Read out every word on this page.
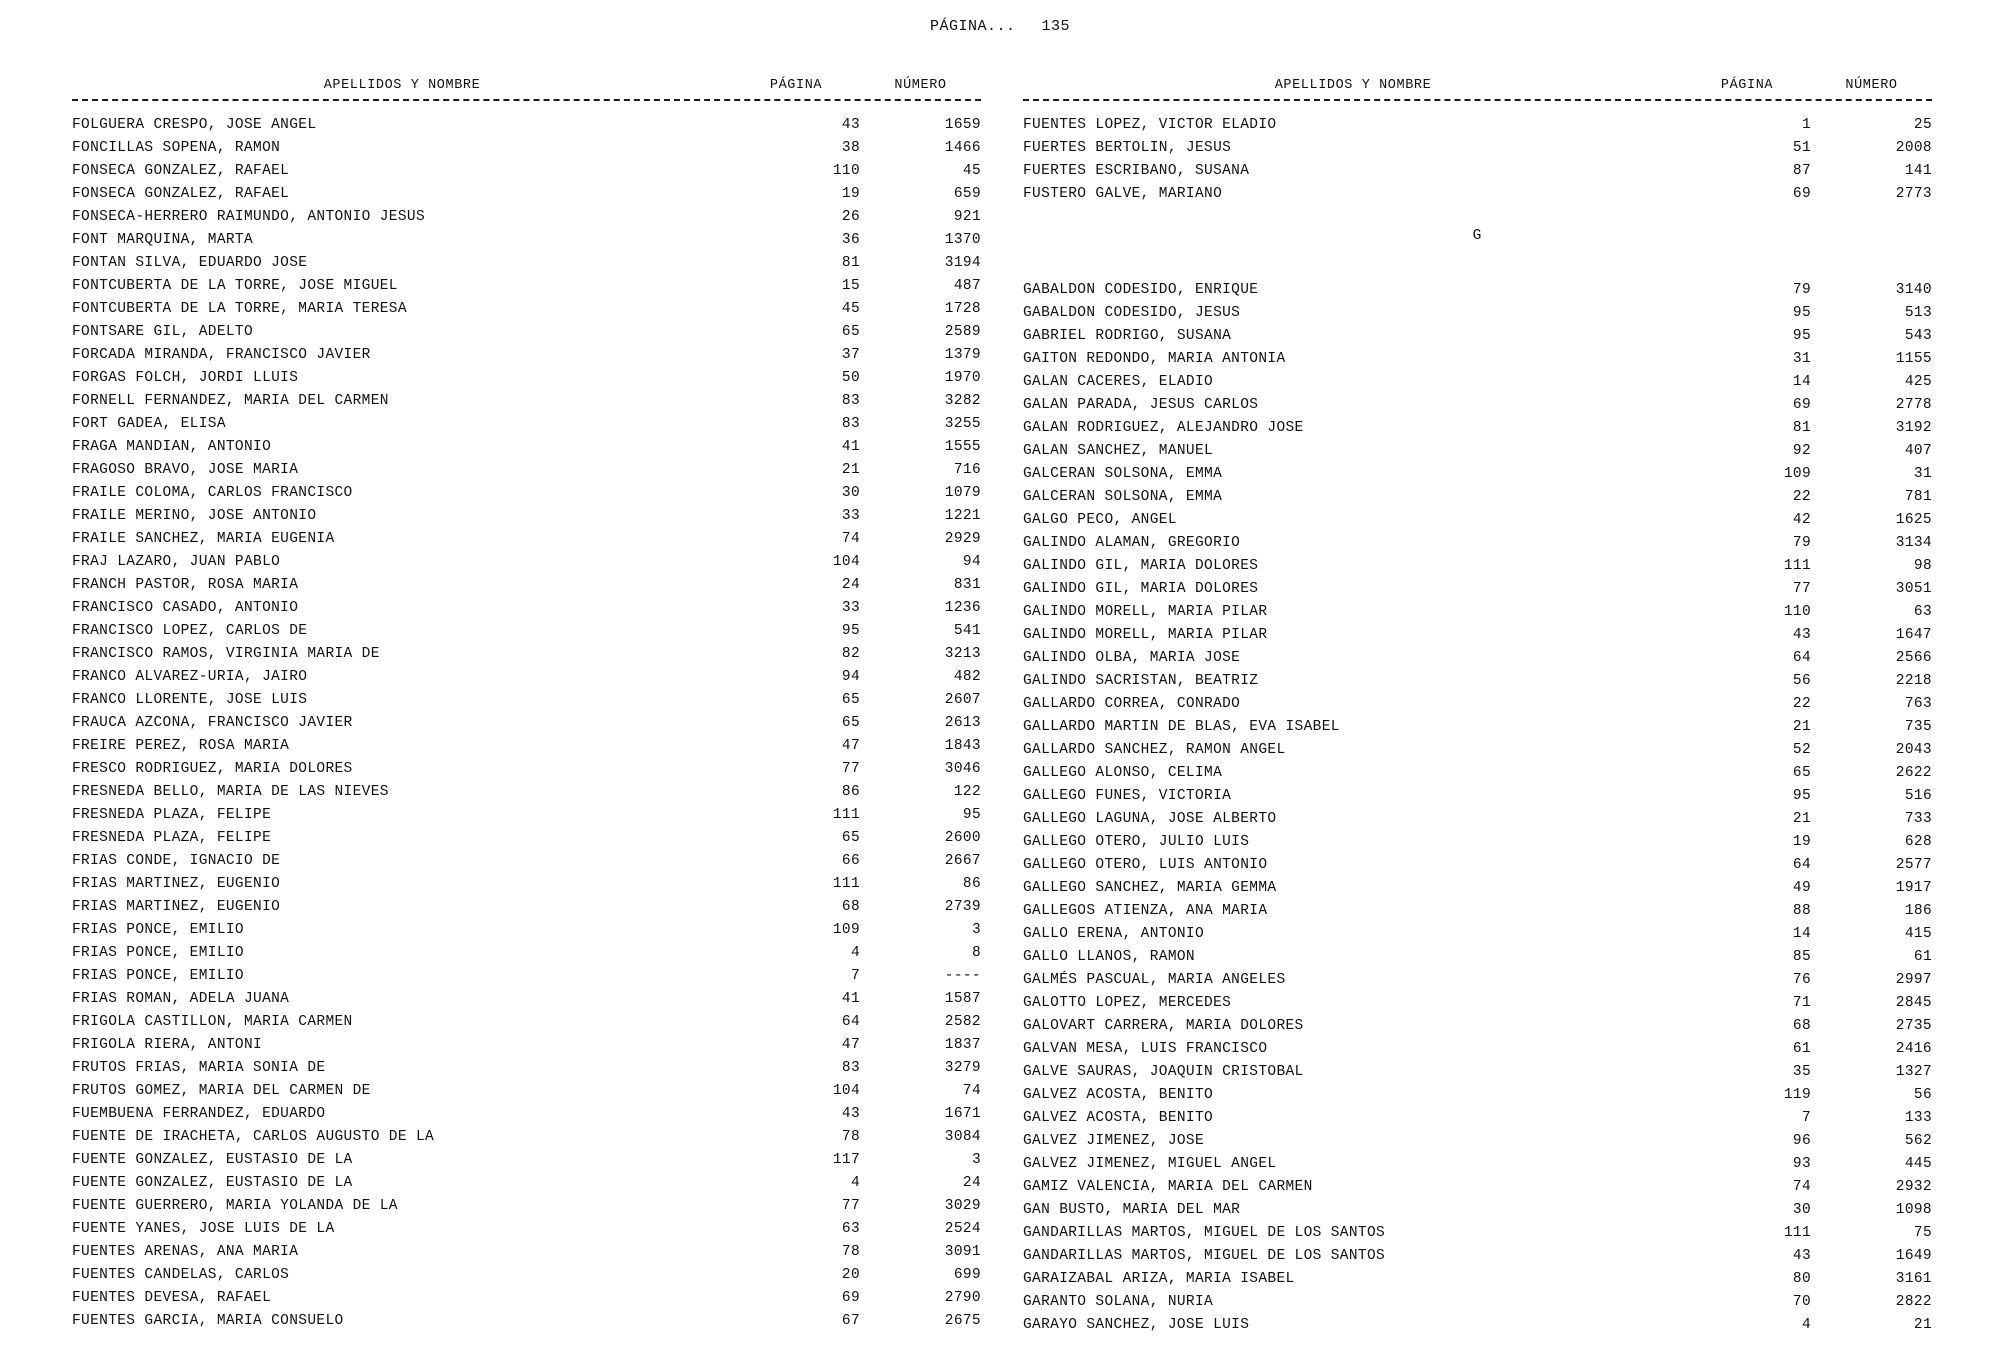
PÁGINA... 135
APELLIDOS Y NOMBRE	PÁGINA	NÚMERO
FOLGUERA CRESPO, JOSE ANGEL	43	1659
FONCILLAS SOPENA, RAMON	38	1466
FONSECA GONZALEZ, RAFAEL	110	45
FONSECA GONZALEZ, RAFAEL	19	659
FONSECA-HERRERO RAIMUNDO, ANTONIO JESUS	26	921
FONT MARQUINA, MARTA	36	1370
FONTAN SILVA, EDUARDO JOSE	81	3194
FONTCUBERTA DE LA TORRE, JOSE MIGUEL	15	487
FONTCUBERTA DE LA TORRE, MARIA TERESA	45	1728
FONTSARE GIL, ADELTO	65	2589
FORCADA MIRANDA, FRANCISCO JAVIER	37	1379
FORGAS FOLCH, JORDI LLUIS	50	1970
FORNELL FERNANDEZ, MARIA DEL CARMEN	83	3282
FORT GADEA, ELISA	83	3255
FRAGA MANDIAN, ANTONIO	41	1555
FRAGOSO BRAVO, JOSE MARIA	21	716
FRAILE COLOMA, CARLOS FRANCISCO	30	1079
FRAILE MERINO, JOSE ANTONIO	33	1221
FRAILE SANCHEZ, MARIA EUGENIA	74	2929
FRAJ LAZARO, JUAN PABLO	104	94
FRANCH PASTOR, ROSA MARIA	24	831
FRANCISCO CASADO, ANTONIO	33	1236
FRANCISCO LOPEZ, CARLOS DE	95	541
FRANCISCO RAMOS, VIRGINIA MARIA DE	82	3213
FRANCO ALVAREZ-URIA, JAIRO	94	482
FRANCO LLORENTE, JOSE LUIS	65	2607
FRAUCA AZCONA, FRANCISCO JAVIER	65	2613
FREIRE PEREZ, ROSA MARIA	47	1843
FRESCO RODRIGUEZ, MARIA DOLORES	77	3046
FRESNEDA BELLO, MARIA DE LAS NIEVES	86	122
FRESNEDA PLAZA, FELIPE	111	95
FRESNEDA PLAZA, FELIPE	65	2600
FRIAS CONDE, IGNACIO DE	66	2667
FRIAS MARTINEZ, EUGENIO	111	86
FRIAS MARTINEZ, EUGENIO	68	2739
FRIAS PONCE, EMILIO	109	3
FRIAS PONCE, EMILIO	4	8
FRIAS PONCE, EMILIO	7	----
FRIAS ROMAN, ADELA JUANA	41	1587
FRIGOLA CASTILLON, MARIA CARMEN	64	2582
FRIGOLA RIERA, ANTONI	47	1837
FRUTOS FRIAS, MARIA SONIA DE	83	3279
FRUTOS GOMEZ, MARIA DEL CARMEN DE	104	74
FUEMBUENA FERRANDEZ, EDUARDO	43	1671
FUENTE DE IRACHETA, CARLOS AUGUSTO DE LA	78	3084
FUENTE GONZALEZ, EUSTASIO DE LA	117	3
FUENTE GONZALEZ, EUSTASIO DE LA	4	24
FUENTE GUERRERO, MARIA YOLANDA DE LA	77	3029
FUENTE YANES, JOSE LUIS DE LA	63	2524
FUENTES ARENAS, ANA MARIA	78	3091
FUENTES CANDELAS, CARLOS	20	699
FUENTES DEVESA, RAFAEL	69	2790
FUENTES GARCIA, MARIA CONSUELO	67	2675
APELLIDOS Y NOMBRE	PÁGINA	NÚMERO
FUENTES LOPEZ, VICTOR ELADIO	1	25
FUERTES BERTOLIN, JESUS	51	2008
FUERTES ESCRIBANO, SUSANA	87	141
FUSTERO GALVE, MARIANO	69	2773

G		

GABALDON CODESIDO, ENRIQUE	79	3140
GABALDON CODESIDO, JESUS	95	513
GABRIEL RODRIGO, SUSANA	95	543
GAITON REDONDO, MARIA ANTONIA	31	1155
GALAN CACERES, ELADIO	14	425
GALAN PARADA, JESUS CARLOS	69	2778
GALAN RODRIGUEZ, ALEJANDRO JOSE	81	3192
GALAN SANCHEZ, MANUEL	92	407
GALCERAN SOLSONA, EMMA	109	31
GALCERAN SOLSONA, EMMA	22	781
GALGO PECO, ANGEL	42	1625
GALINDO ALAMAN, GREGORIO	79	3134
GALINDO GIL, MARIA DOLORES	111	98
GALINDO GIL, MARIA DOLORES	77	3051
GALINDO MORELL, MARIA PILAR	110	63
GALINDO MORELL, MARIA PILAR	43	1647
GALINDO OLBA, MARIA JOSE	64	2566
GALINDO SACRISTAN, BEATRIZ	56	2218
GALLARDO CORREA, CONRADO	22	763
GALLARDO MARTIN DE BLAS, EVA ISABEL	21	735
GALLARDO SANCHEZ, RAMON ANGEL	52	2043
GALLEGO ALONSO, CELIMA	65	2622
GALLEGO FUNES, VICTORIA	95	516
GALLEGO LAGUNA, JOSE ALBERTO	21	733
GALLEGO OTERO, JULIO LUIS	19	628
GALLEGO OTERO, LUIS ANTONIO	64	2577
GALLEGO SANCHEZ, MARIA GEMMA	49	1917
GALLEGOS ATIENZA, ANA MARIA	88	186
GALLO ERENA, ANTONIO	14	415
GALLO LLANOS, RAMON	85	61
GALMÉS PASCUAL, MARIA ANGELES	76	2997
GALOTTO LOPEZ, MERCEDES	71	2845
GALOVART CARRERA, MARIA DOLORES	68	2735
GALVAN MESA, LUIS FRANCISCO	61	2416
GALVE SAURAS, JOAQUIN CRISTOBAL	35	1327
GALVEZ ACOSTA, BENITO	119	56
GALVEZ ACOSTA, BENITO	7	133
GALVEZ JIMENEZ, JOSE	96	562
GALVEZ JIMENEZ, MIGUEL ANGEL	93	445
GAMIZ VALENCIA, MARIA DEL CARMEN	74	2932
GAN BUSTO, MARIA DEL MAR	30	1098
GANDARILLAS MARTOS, MIGUEL DE LOS SANTOS	111	75
GANDARILLAS MARTOS, MIGUEL DE LOS SANTOS	43	1649
GARAIZABAL ARIZA, MARIA ISABEL	80	3161
GARANTO SOLANA, NURIA	70	2822
GARAYO SANCHEZ, JOSE LUIS	4	21
